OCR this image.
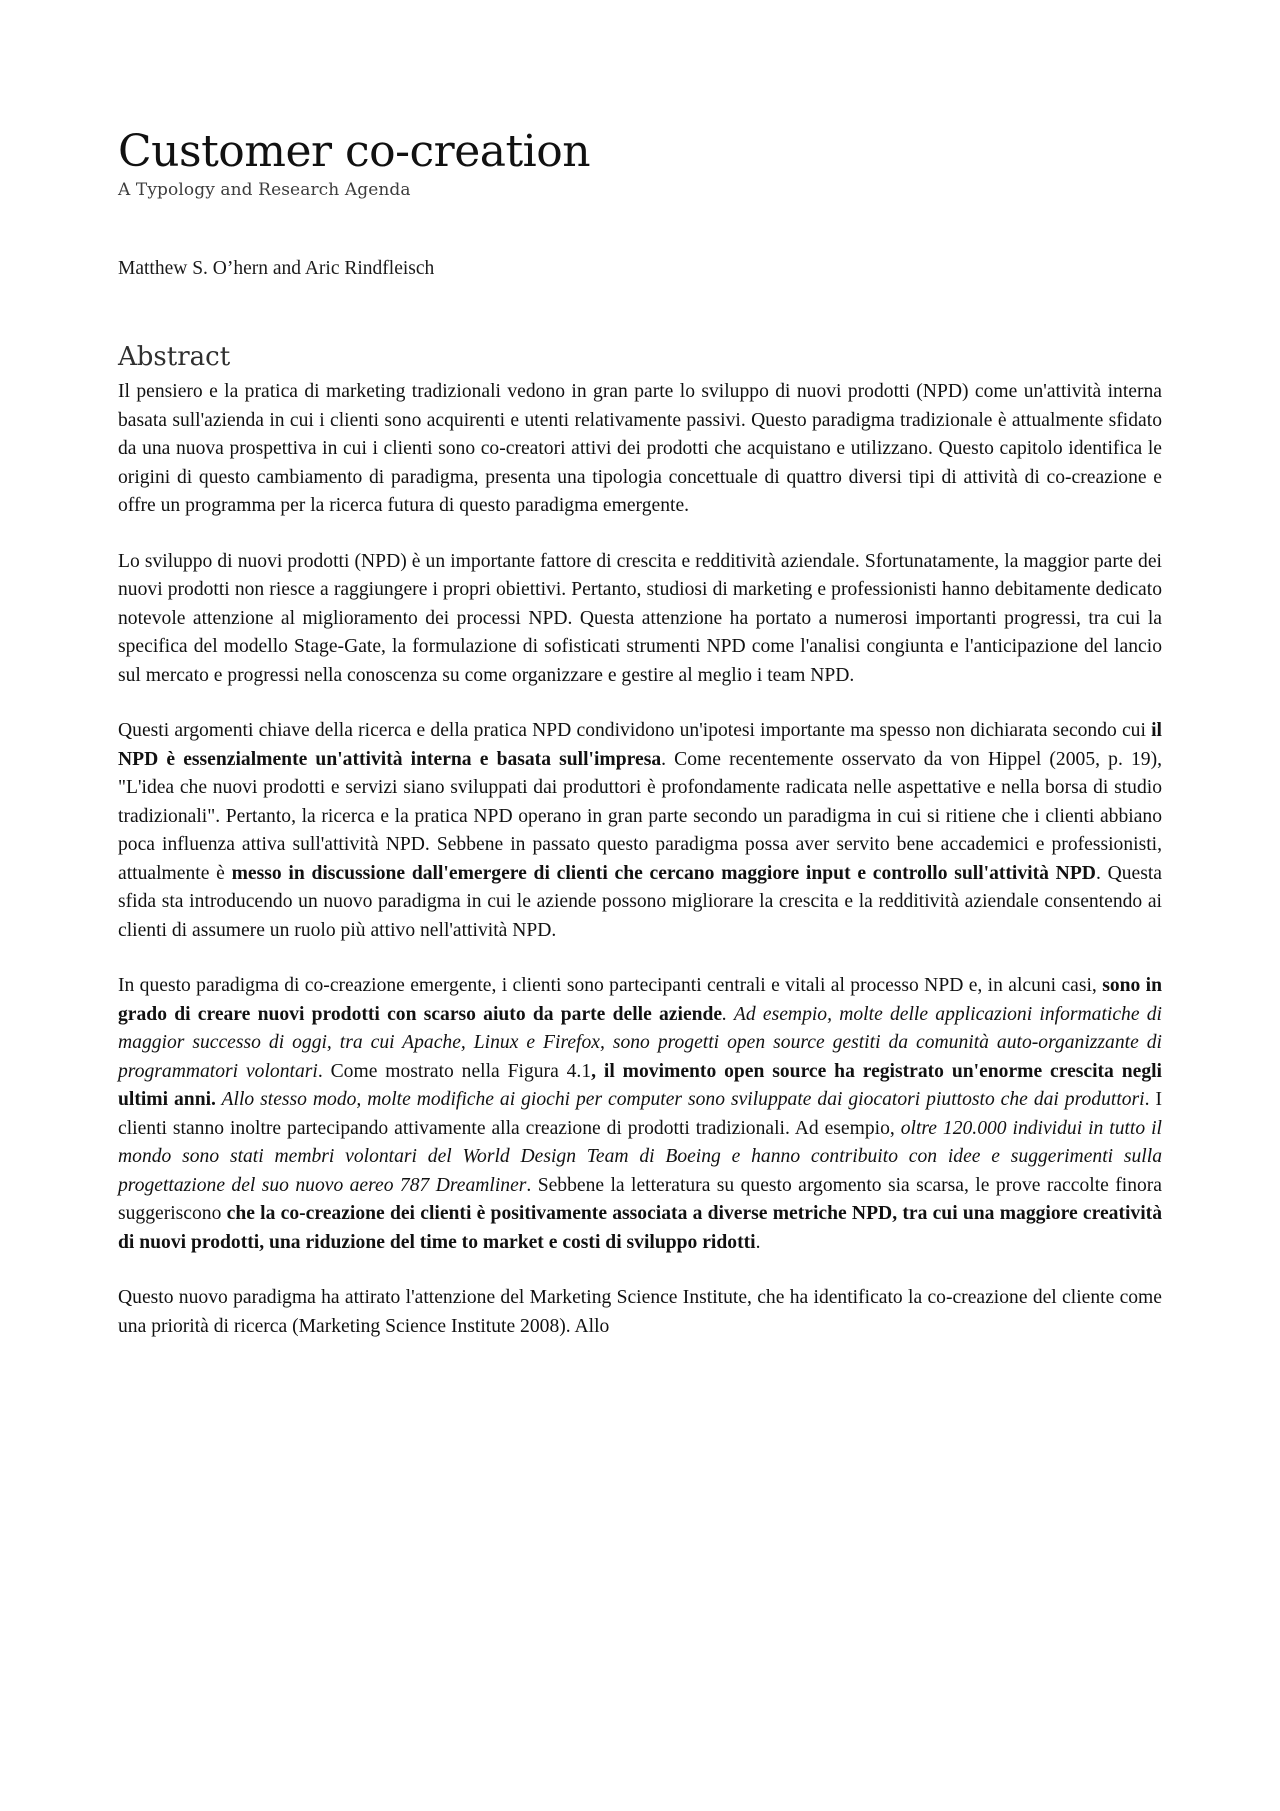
Customer co-creation
A Typology and Research Agenda
Matthew S. O’hern and Aric Rindfleisch
Abstract

Il pensiero e la pratica di marketing tradizionali vedono in gran parte lo sviluppo di nuovi prodotti (NPD) come un'attività interna basata sull'azienda in cui i clienti sono acquirenti e utenti relativamente passivi. Questo paradigma tradizionale è attualmente sfidato da una nuova prospettiva in cui i clienti sono co-creatori attivi dei prodotti che acquistano e utilizzano. Questo capitolo identifica le origini di questo cambiamento di paradigma, presenta una tipologia concettuale di quattro diversi tipi di attività di co-creazione e offre un programma per la ricerca futura di questo paradigma emergente.

Lo sviluppo di nuovi prodotti (NPD) è un importante fattore di crescita e redditività aziendale. Sfortunatamente, la maggior parte dei nuovi prodotti non riesce a raggiungere i propri obiettivi. Pertanto, studiosi di marketing e professionisti hanno debitamente dedicato notevole attenzione al miglioramento dei processi NPD. Questa attenzione ha portato a numerosi importanti progressi, tra cui la specifica del modello Stage-Gate, la formulazione di sofisticati strumenti NPD come l'analisi congiunta e l'anticipazione del lancio sul mercato e progressi nella conoscenza su come organizzare e gestire al meglio i team NPD.

Questi argomenti chiave della ricerca e della pratica NPD condividono un'ipotesi importante ma spesso non dichiarata secondo cui il NPD è essenzialmente un'attività interna e basata sull'impresa. Come recentemente osservato da von Hippel (2005, p. 19), "L'idea che nuovi prodotti e servizi siano sviluppati dai produttori è profondamente radicata nelle aspettative e nella borsa di studio tradizionali". Pertanto, la ricerca e la pratica NPD operano in gran parte secondo un paradigma in cui si ritiene che i clienti abbiano poca influenza attiva sull'attività NPD. Sebbene in passato questo paradigma possa aver servito bene accademici e professionisti, attualmente è messo in discussione dall'emergere di clienti che cercano maggiore input e controllo sull'attività NPD. Questa sfida sta introducendo un nuovo paradigma in cui le aziende possono migliorare la crescita e la redditività aziendale consentendo ai clienti di assumere un ruolo più attivo nell'attività NPD.

In questo paradigma di co-creazione emergente, i clienti sono partecipanti centrali e vitali al processo NPD e, in alcuni casi, sono in grado di creare nuovi prodotti con scarso aiuto da parte delle aziende. Ad esempio, molte delle applicazioni informatiche di maggior successo di oggi, tra cui Apache, Linux e Firefox, sono progetti open source gestiti da comunità auto-organizzante di programmatori volontari. Come mostrato nella Figura 4.1, il movimento open source ha registrato un'enorme crescita negli ultimi anni. Allo stesso modo, molte modifiche ai giochi per computer sono sviluppate dai giocatori piuttosto che dai produttori. I clienti stanno inoltre partecipando attivamente alla creazione di prodotti tradizionali. Ad esempio, oltre 120.000 individui in tutto il mondo sono stati membri volontari del World Design Team di Boeing e hanno contribuito con idee e suggerimenti sulla progettazione del suo nuovo aereo 787 Dreamliner. Sebbene la letteratura su questo argomento sia scarsa, le prove raccolte finora suggeriscono che la co-creazione dei clienti è positivamente associata a diverse metriche NPD, tra cui una maggiore creatività di nuovi prodotti, una riduzione del time to market e costi di sviluppo ridotti.

Questo nuovo paradigma ha attirato l'attenzione del Marketing Science Institute, che ha identificato la co-creazione del cliente come una priorità di ricerca (Marketing Science Institute 2008). Allo
